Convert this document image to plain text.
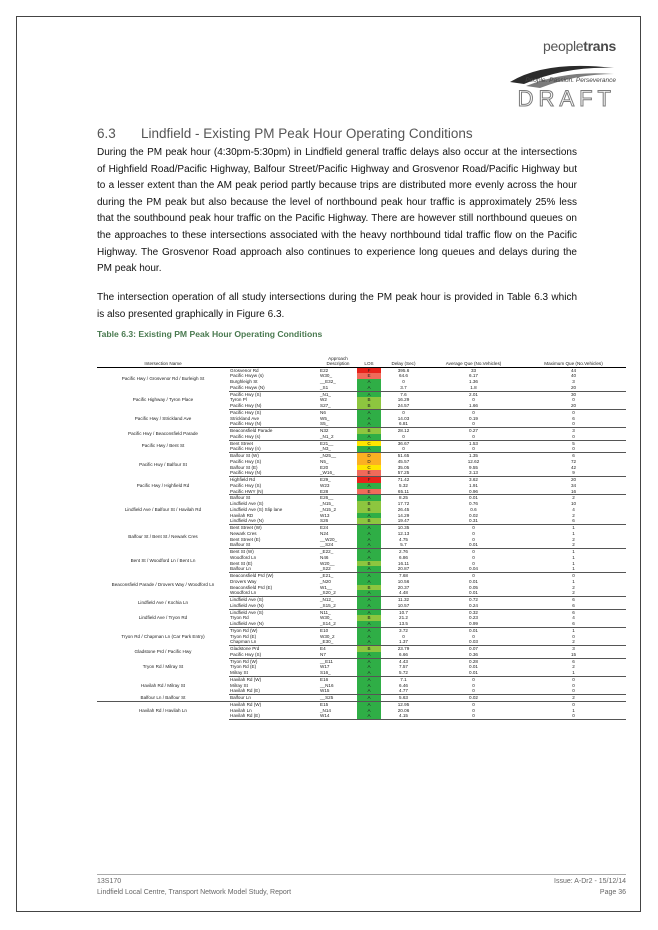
peopletrans
People. Passion. Perseverance
DRAFT
6.3 Lindfield - Existing PM Peak Hour Operating Conditions

During the PM peak hour (4:30pm-5:30pm) in Lindfield general traffic delays also occur at the intersections of Highfield Road/Pacific Highway, Balfour Street/Pacific Highway and Grosvenor Road/Pacific Highway but to a lesser extent than the AM peak period partly because trips are distributed more evenly across the hour during the PM peak but also because the level of northbound peak hour traffic is approximately 25% less that the southbound peak hour traffic on the Pacific Highway. There are however still northbound queues on the approaches to these intersections associated with the heavy northbound tidal traffic flow on the Pacific Highway. The Grosvenor Road approach also continues to experience long queues and delays during the PM peak hour.

The intersection operation of all study intersections during the PM peak hour is provided in Table 6.3 which is also presented graphically in Figure 6.3.

Table 6.3: Existing PM Peak Hour Operating Conditions
Intersection Name		Approach Description	LOS	Delay (Sec)	Average Que (No.Vehicles)	Maximum Que (No.Vehicles)
Pacific Hwy / Grosvenor Rd / Burleigh St	Grosvenor Rd	E22	F	395.6	33	44
	Pacific Hwyw (s)	W30_	E	64.6	6.17	40
	Burghleigh St	__E32_	A	0	1.36	3
	Pacific Hwyw (N)	_S1	A	3.7	1.8	20
Pacific Highway / Tyron Place	Pacific Hwy (S)	_N1_	A	7.6	2.01	30
	Tyron Pl	W2	B	16.29	0	0
	Pacific Hwy (N)	S27_	B	24.57	1.66	20
Pacific Hwy / Strickland Ave	Pacific Hwy (S)	N6	A	0	0	0
	Strickland Ave	W5_	A	14.03	0.19	6
	Pacific Hwy (N)	S5_	A	6.81	0	0
Pacific Hwy / Beaconsfield Parade	Beaconsfield Parade	N32	B	28.12	0.27	3
	Pacific Hwy (s)	_N1_2	A	0	0	0
Pacific Hwy / Bent St	Bent Street	E21__	C	36.67	1.53	5
	Pacific Hwy (n)	_N3_	A	0	0	0
Pacific Hwy / Balfour St	Balfour St (W)	_N25__	D	51.65	1.35	6
	Pacific Hwy (S)	N5_	D	45.57	12.62	72
	Balfour St (E)	E20	C	35.05	9.55	42
	Pacific Hwy (N)	_W16_	E	57.25	3.13	9
Pacific Hwy / Highfield Rd	Highfield Rd	E29_	F	71.42	3.62	20
	Pacific Hwy (S)	W23	A	5.32	1.91	34
	Pacific HWY (N)	E28	E	65.11	0.96	16
Lindfield Ave / Balfour St / Havilah Rd	Balfour St	E26__	A	8.25	0.01	2
	Lindfield Ave (S)	_N15_	B	17.72	0.76	10
	Lindfield Ave (S) Slip lane	_N15_2	B	26.45	0.6	4
	Havilah RD	W13	A	14.29	0.02	2
	Lindfield Ave (N)	S26	B	19.47	0.31	6
Balfour St / Bent St / Newark Cres	Bent Street (W)	E24	A	10.35	0	1
	Newark Cres	N24	A	12.13	0	1
	Bent Street (E)	__W20_	A	4.75	0	2
	Balfour St	__S24	A	5.7	0.01	2
Bent St / Woodford Ln / Bent Ln	Bent St (W)	_E22_	A	2.76	0	1
	Woodford Ln	N46	A	6.86	0	1
	Bent St (E)	W20__	B	16.11	0	1
	Balfour Ln	_S22	A	20.87	0.04	1
Beaconsfield Parade / Drovers Way / Woodford Ln	Beaconsfield Prd (W)	_E21_	A	7.68	0	0
	Drovers Way	_N20	A	10.56	0.01	1
	Beaconsfield Prd (E)	W1__	B	20.37	0.05	2
	Woodford Ln	_S20_2	A	4.48	0.01	2
Lindfield Ave / Kochia Ln	Lindfield Ave (S)	_N12_	A	11.32	0.72	6
	Lindfield Ave (N)	_S15_2	A	10.57	0.24	6
Lindfield Ave / Tryon Rd	Lindfield Ave (S)	N11_	A	10.7	0.32	6
	Tryon Rd	W30_	B	21.2	0.23	4
	Lindfield Ave (N)	_S14_2	A	13.5	0.99	6
Tryon Rd / Chapman Ln (Car Park Entry)	Tryon Rd (W)	E10	A	3.72	0.01	1
	Tryon Rd (E)	W30_2	A	0	0	0
	Chapman Ln	_E30_	A	1.37	0.03	2
Gladstone Prd / Pacific Hwy	Gladstone Prd	E4	B	23.79	0.07	3
	Pacific Hwy (S)	N7	A	6.66	0.36	15
Tryon Rd / Milray St	Tryon Rd (W)	__E11	A	4.43	0.28	6
	Tryon Rd (E)	W17	A	7.57	0.01	2
	Milray St	S16_	A	5.72	0.01	1
Havilah Rd / Milray St	Havilah Rd (W)	E16	A	7.1	0	0
	Milray St	__N16	A	6.46	0	0
	Havilah Rd (E)	W15	A	4.77	0	0
Balfour Ln / Balfour St	Balfour Ln	__S25	A	5.63	0.02	2
Havilah Rd / Havilah Ln	Havilah Rd (W)	E15	A	12.95	0	0
	Havilah Ln	_N14	A	20.06	0	1
	Havilah Rd (E)	W14	A	4.15	0	0
13S170
Lindfield Local Centre, Transport Network Model Study, Report
Issue: A-Dr2 - 15/12/14
Page 36
